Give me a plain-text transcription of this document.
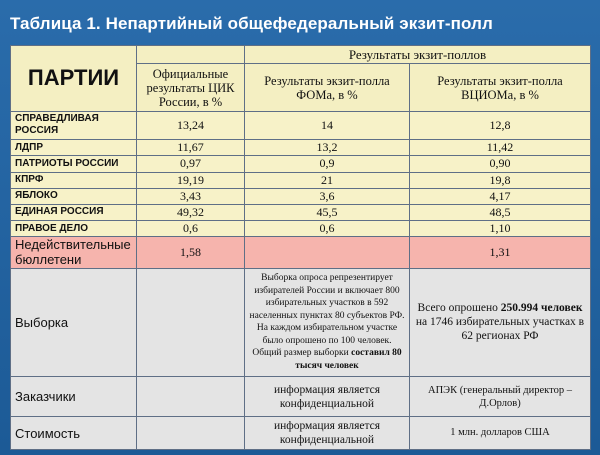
Таблица 1. Непартийный общефедеральный экзит-полл
ПАРТИИ		Результаты экзит-поллов	
	Официальные результаты ЦИК России, в %	Результаты экзит-полла ФОМа, в %	Результаты экзит-полла ВЦИОМа, в %
СПРАВЕДЛИВАЯ РОССИЯ	13,24	14	12,8
ЛДПР	11,67	13,2	11,42
ПАТРИОТЫ РОССИИ	0,97	0,9	0,90
КПРФ	19,19	21	19,8
ЯБЛОКО	3,43	3,6	4,17
ЕДИНАЯ РОССИЯ	49,32	45,5	48,5
ПРАВОЕ ДЕЛО	0,6	0,6	1,10
Недействительные бюллетени	1,58		1,31
Выборка		Выборка опроса репрезентирует избирателей России и включает 800 избирательных участков в 592 населенных пунктах 80 субъектов РФ. На каждом избирательном участке было опрошено по 100 человек. Общий размер выборки составил 80 тысяч человек	Всего опрошено 250.994 человек на 1746 избирательных участках в 62 регионах РФ
Заказчики		информация является конфиденциальной	АПЭК (генеральный директор – Д.Орлов)
Стоимость		информация является конфиденциальной	1 млн. долларов США
